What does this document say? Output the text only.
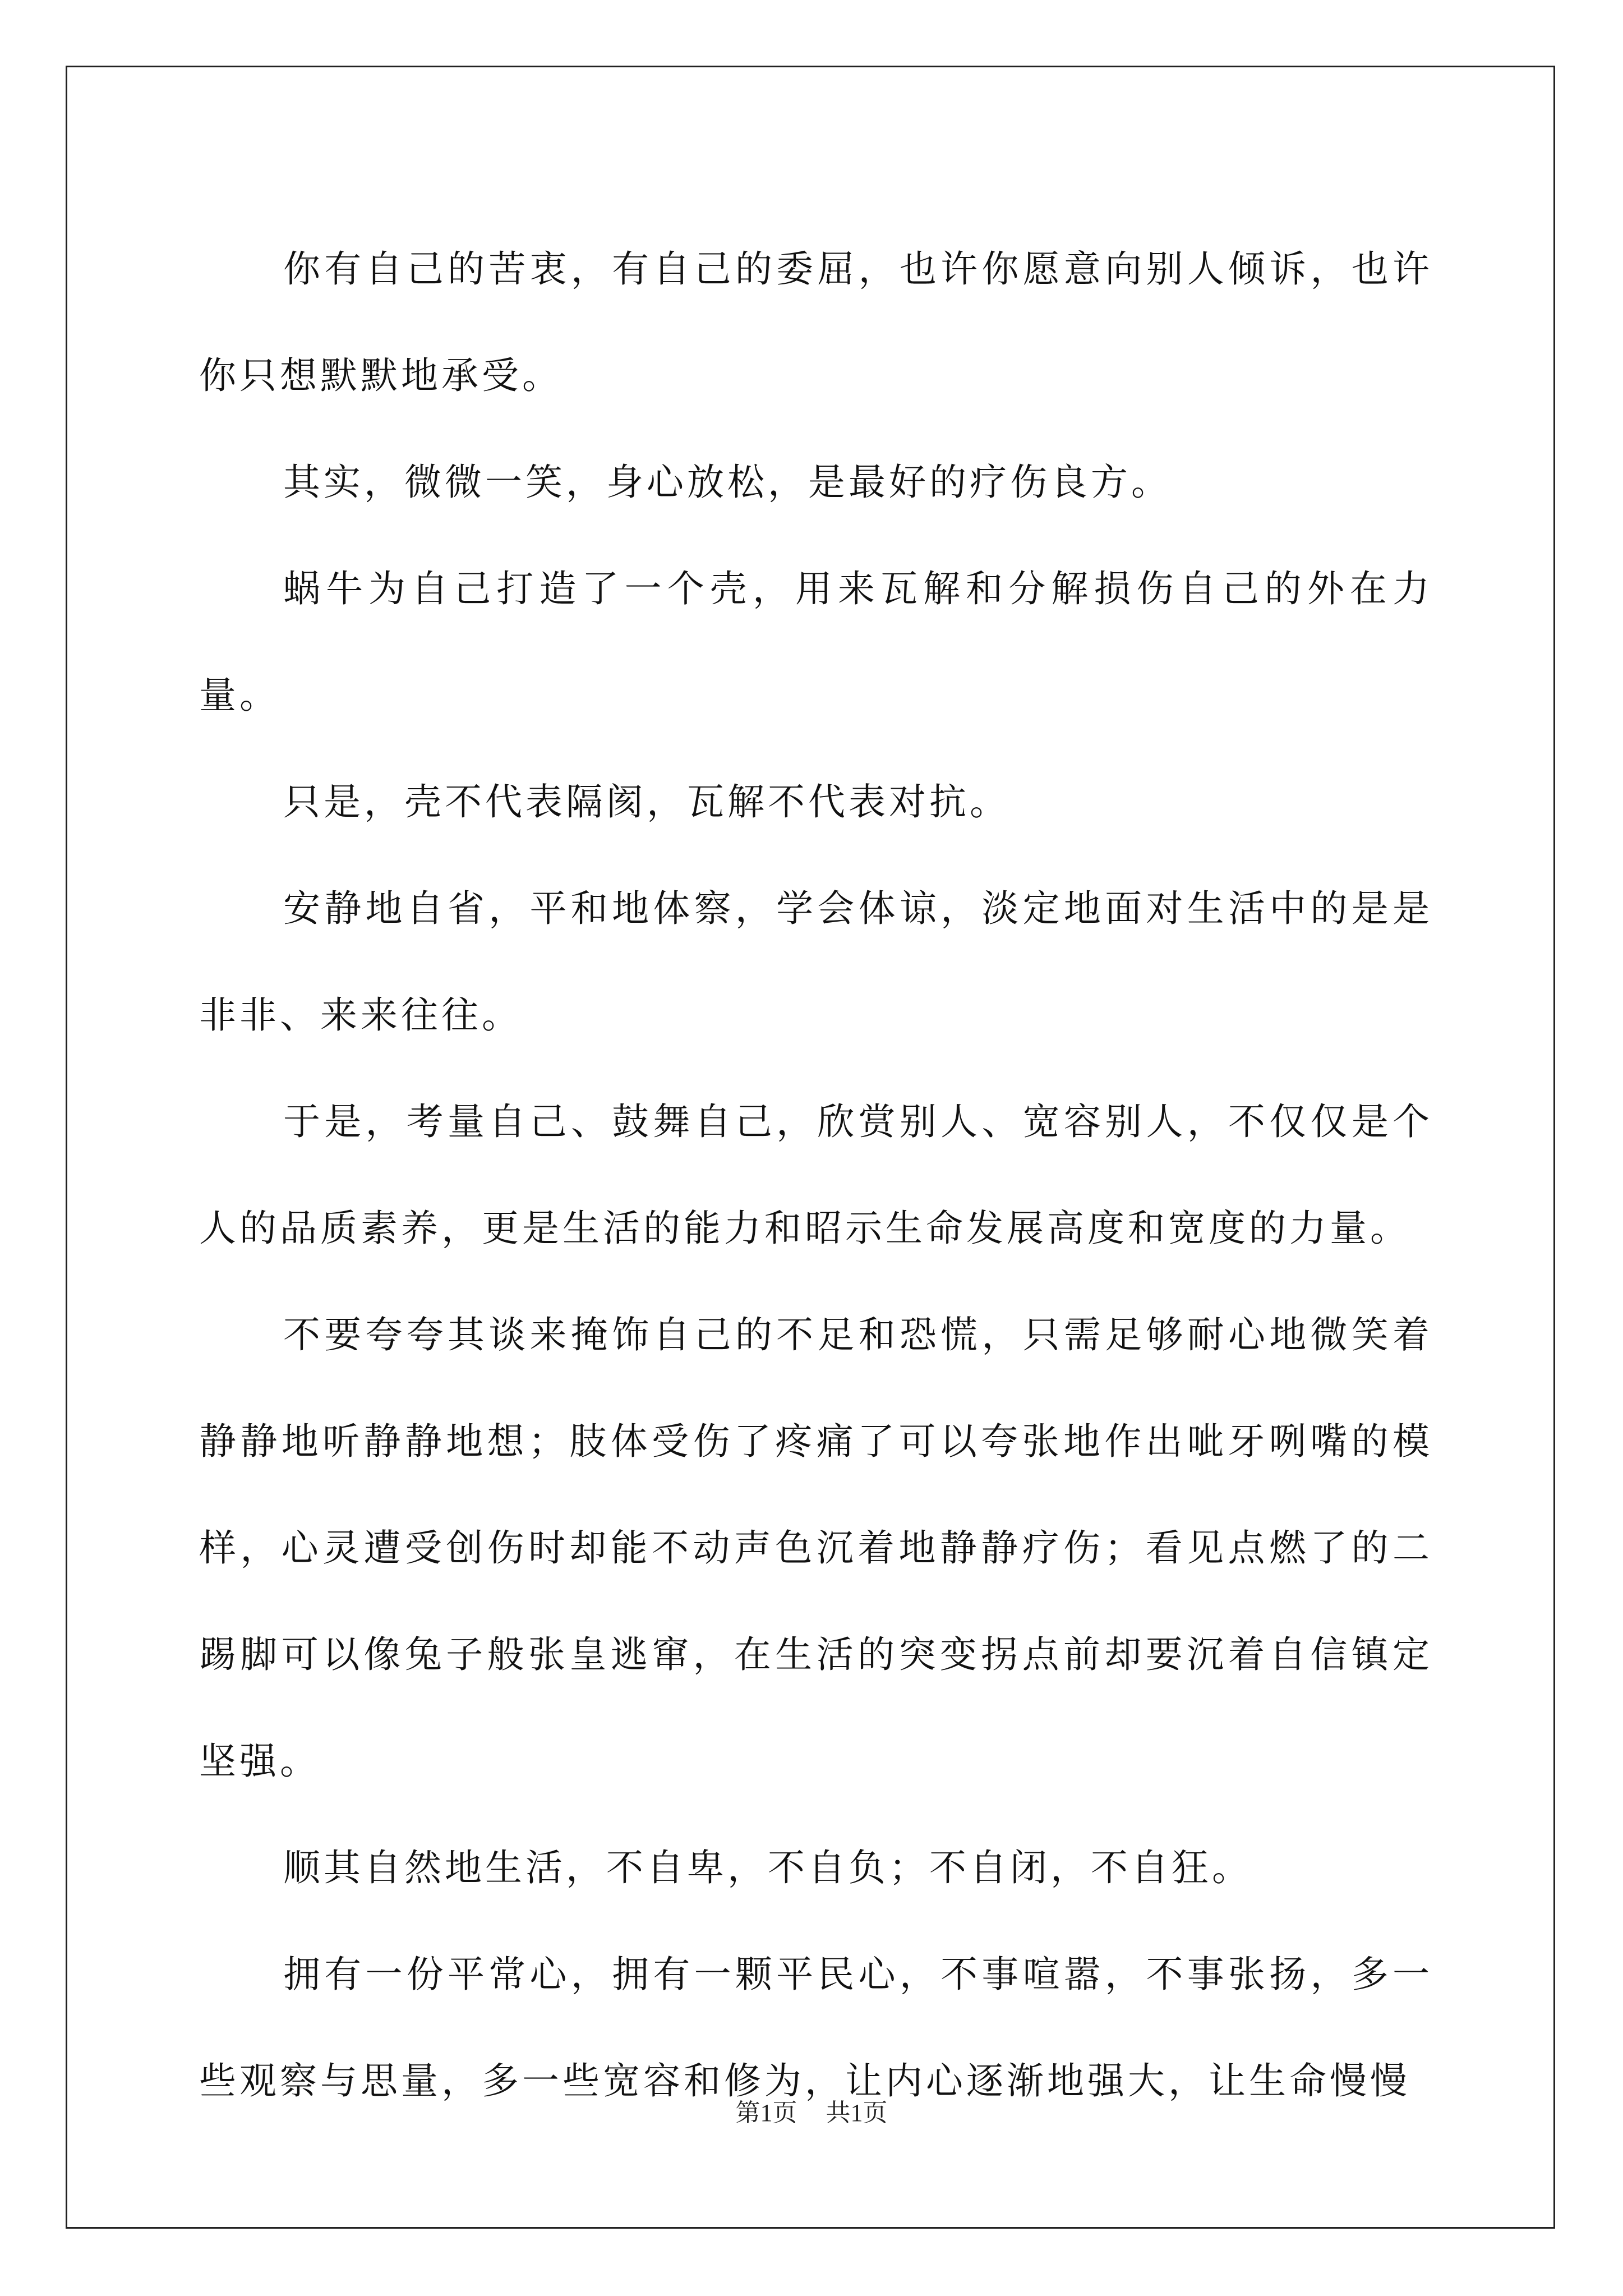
你有自己的苦衷，有自己的委屈，也许你愿意向别人倾诉，也许你只想默默地承受。

其实，微微一笑，身心放松，是最好的疗伤良方。

蜗牛为自己打造了一个壳，用来瓦解和分解损伤自己的外在力量。

只是，壳不代表隔阂，瓦解不代表对抗。

安静地自省，平和地体察，学会体谅，淡定地面对生活中的是是非非、来来往往。

于是，考量自己、鼓舞自己，欣赏别人、宽容别人，不仅仅是个人的品质素养，更是生活的能力和昭示生命发展高度和宽度的力量。

不要夸夸其谈来掩饰自己的不足和恐慌，只需足够耐心地微笑着静静地听静静地想；肢体受伤了疼痛了可以夸张地作出呲牙咧嘴的模样，心灵遭受创伤时却能不动声色沉着地静静疗伤；看见点燃了的二踢脚可以像兔子般张皇逃窜，在生活的突变拐点前却要沉着自信镇定坚强。

顺其自然地生活，不自卑，不自负；不自闭，不自狂。

拥有一份平常心，拥有一颗平民心，不事喧嚣，不事张扬，多一些观察与思量，多一些宽容和修为，让内心逐渐地强大，让生命慢慢

第1页 共1页
